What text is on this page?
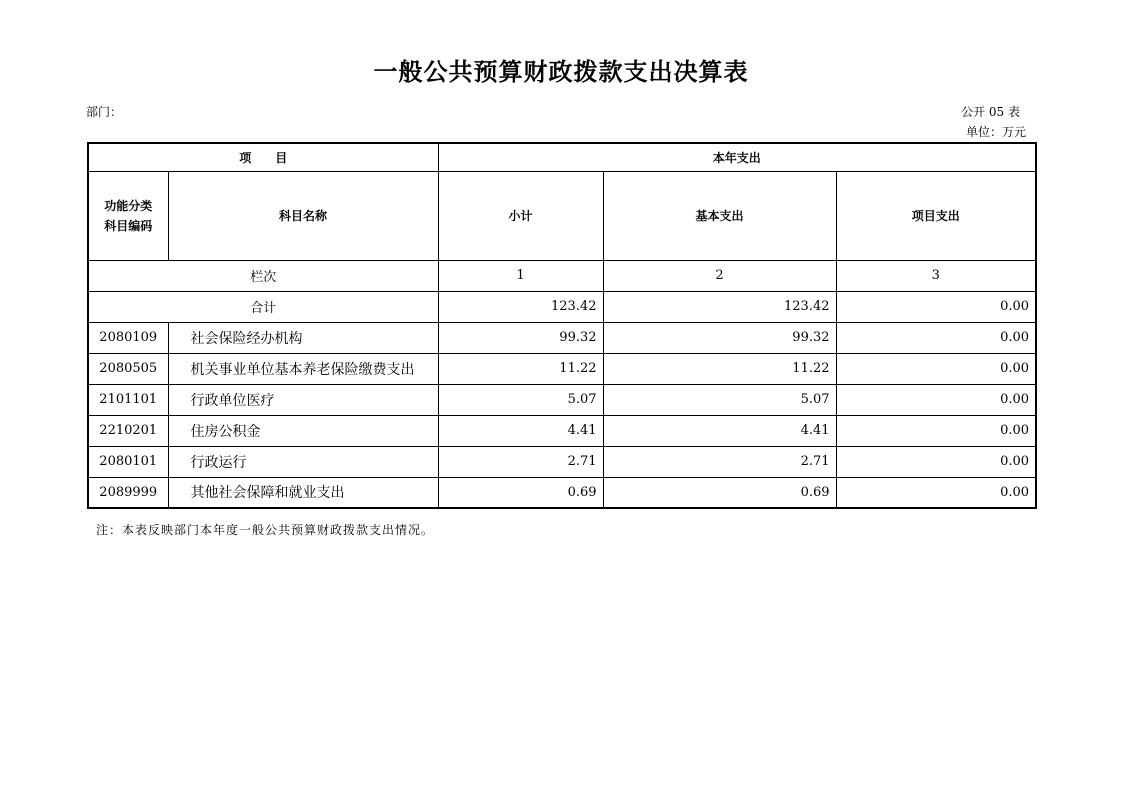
一般公共预算财政拨款支出决算表
部门：	公开 05 表
单位：万元
项　　目		本年支出		
功能分类
科目编码	科目名称	小计	基本支出	项目支出
栏次		1	2	3
合计		123.42	123.42	0.00
2080109	社会保险经办机构	99.32	99.32	0.00
2080505	机关事业单位基本养老保险缴费支出	11.22	11.22	0.00
2101101	行政单位医疗	5.07	5.07	0.00
2210201	住房公积金	4.41	4.41	0.00
2080101	行政运行	2.71	2.71	0.00
2089999	其他社会保障和就业支出	0.69	0.69	0.00
注：本表反映部门本年度一般公共预算财政拨款支出情况。
